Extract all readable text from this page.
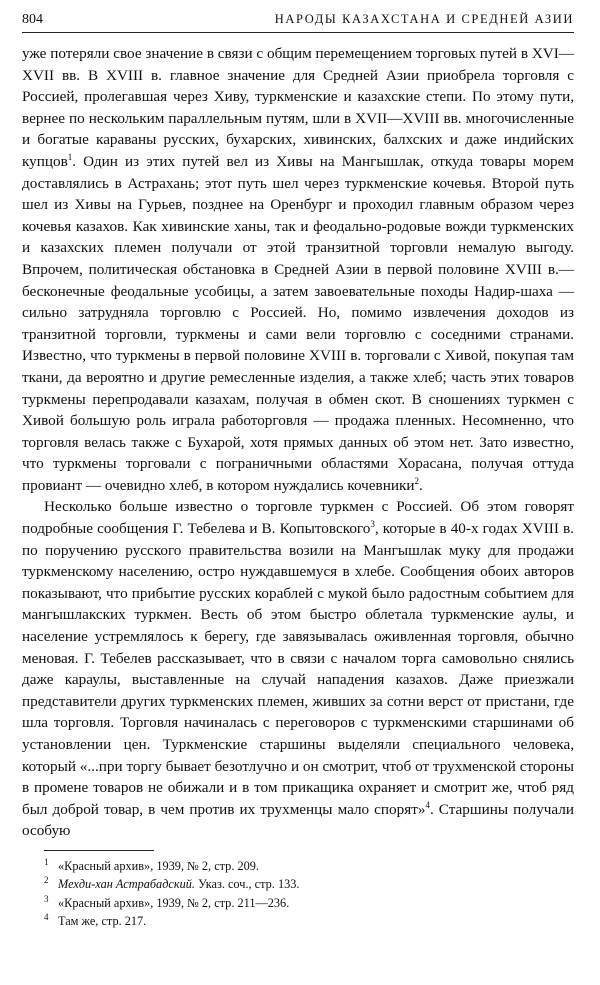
804	НАРОДЫ КАЗАХСТАНА И СРЕДНЕЙ АЗИИ

уже потеряли свое значение в связи с общим перемещением торговых путей в XVI—XVII вв. В XVIII в. главное значение для Средней Азии приобрела торговля с Россией, пролегавшая через Хиву, туркменские и казахские степи. По этому пути, вернее по нескольким параллельным путям, шли в XVII—XVIII вв. многочисленные и богатые караваны русских, бухарских, хивинских, балхских и даже индийских купцов$^1$. Один из этих путей вел из Хивы на Мангышлак, откуда товары морем доставлялись в Астрахань; этот путь шел через туркменские кочевья. Второй путь шел из Хивы на Гурьев, позднее на Оренбург и проходил главным образом через кочевья казахов. Как хивинские ханы, так и феодально-родовые вожди туркменских и казахских племен получали от этой транзитной торговли немалую выгоду. Впрочем, политическая обстановка в Средней Азии в первой половине XVIII в.— бесконечные феодальные усобицы, а затем завоевательные походы Надир-шаха — сильно затрудняла торговлю с Россией. Но, помимо извлечения доходов из транзитной торговли, туркмены и сами вели торговлю с соседними странами. Известно, что туркмены в первой половине XVIII в. торговали с Хивой, покупая там ткани, да вероятно и другие ремесленные изделия, а также хлеб; часть этих товаров туркмены перепродавали казахам, получая в обмен скот. В сношениях туркмен с Хивой большую роль играла работорговля — продажа пленных. Несомненно, что торговля велась также с Бухарой, хотя прямых данных об этом нет. Зато известно, что туркмены торговали с пограничными областями Хорасана, получая оттуда провиант — очевидно хлеб, в котором нуждались кочевники$^2$.

Несколько больше известно о торговле туркмен с Россией. Об этом говорят подробные сообщения Г. Тебелева и В. Копытовского$^3$, которые в 40-х годах XVIII в. по поручению русского правительства возили на Мангышлак муку для продажи туркменскому населению, остро нуждавшемуся в хлебе. Сообщения обоих авторов показывают, что прибытие русских кораблей с мукой было радостным событием для мангышлакских туркмен. Весть об этом быстро облетала туркменские аулы, и население устремлялось к берегу, где завязывалась оживленная торговля, обычно меновая. Г. Тебелев рассказывает, что в связи с началом торга самовольно снялись даже караулы, выставленные на случай нападения казахов. Даже приезжали представители других туркменских племен, живших за сотни верст от пристани, где шла торговля. Торговля начиналась с переговоров с туркменскими старшинами об установлении цен. Туркменские старшины выделяли специального человека, который «...при торгу бывает безотлучно и он смотрит, чтоб от трухменской стороны в промене товаров не обижали и в том прикащика охраняет и смотрит же, чтоб ряд был доброй товар, в чем против их трухменцы мало спорят»$^4$. Старшины получали особую

1 «Красный архив», 1939, № 2, стр. 209.
2 Мехди-хан Астрабадский. Указ. соч., стр. 133.
3 «Красный архив», 1939, № 2, стр. 211—236.
4 Там же, стр. 217.
